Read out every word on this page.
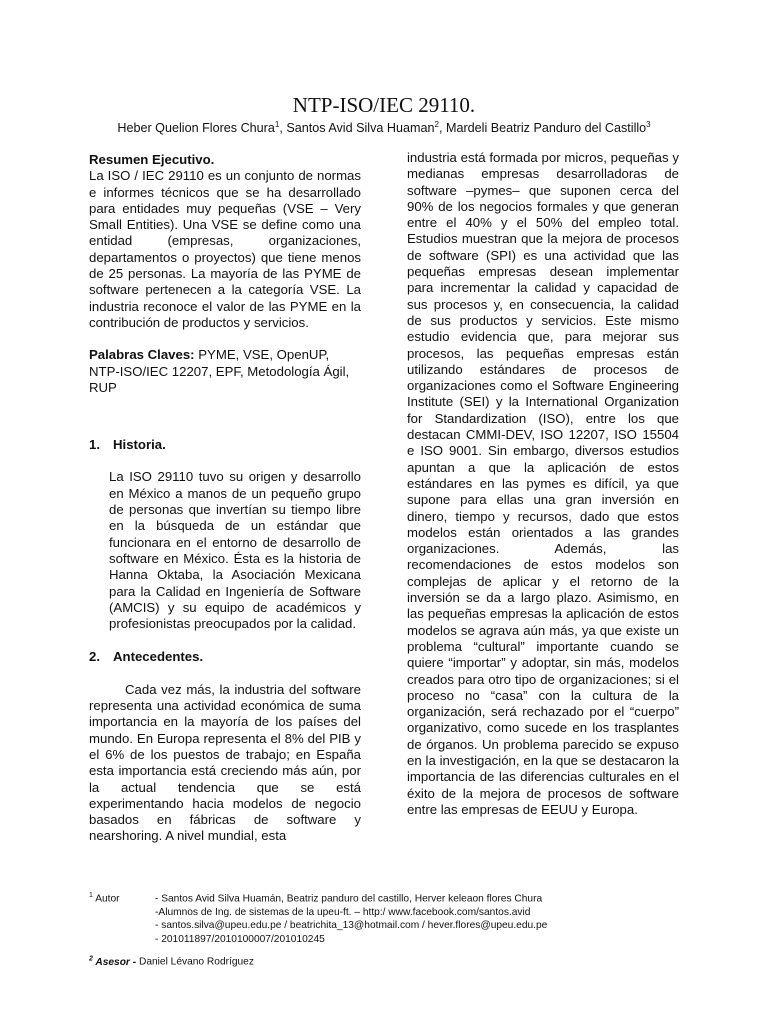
NTP-ISO/IEC 29110.
Heber Quelion Flores Chura$^1$, Santos Avid Silva Huaman$^2$, Mardeli Beatriz Panduro del Castillo$^3$
Resumen Ejecutivo.

La ISO / IEC 29110 es un conjunto de normas e informes técnicos que se ha desarrollado para entidades muy pequeñas (VSE – Very Small Entities). Una VSE se define como una entidad (empresas, organizaciones, departamentos o proyectos) que tiene menos de 25 personas. La mayoría de las PYME de software pertenecen a la categoría VSE. La industria reconoce el valor de las PYME en la contribución de productos y servicios.

Palabras Claves: PYME, VSE, OpenUP, NTP-ISO/IEC 12207, EPF, Metodología Ágil, RUP

1. Historia.

La ISO 29110 tuvo su origen y desarrollo en México a manos de un pequeño grupo de personas que invertían su tiempo libre en la búsqueda de un estándar que funcionara en el entorno de desarrollo de software en México. Ésta es la historia de Hanna Oktaba, la Asociación Mexicana para la Calidad en Ingeniería de Software (AMCIS) y su equipo de académicos y profesionistas preocupados por la calidad.

2. Antecedentes.

Cada vez más, la industria del software representa una actividad económica de suma importancia en la mayoría de los países del mundo. En Europa representa el 8% del PIB y el 6% de los puestos de trabajo; en España esta importancia está creciendo más aún, por la actual tendencia que se está experimentando hacia modelos de negocio basados en fábricas de software y nearshoring. A nivel mundial, esta

industria está formada por micros, pequeñas y medianas empresas desarrolladoras de software –pymes– que suponen cerca del 90% de los negocios formales y que generan entre el 40% y el 50% del empleo total. Estudios muestran que la mejora de procesos de software (SPI) es una actividad que las pequeñas empresas desean implementar para incrementar la calidad y capacidad de sus procesos y, en consecuencia, la calidad de sus productos y servicios. Este mismo estudio evidencia que, para mejorar sus procesos, las pequeñas empresas están utilizando estándares de procesos de organizaciones como el Software Engineering Institute (SEI) y la International Organization for Standardization (ISO), entre los que destacan CMMI-DEV, ISO 12207, ISO 15504 e ISO 9001. Sin embargo, diversos estudios apuntan a que la aplicación de estos estándares en las pymes es difícil, ya que supone para ellas una gran inversión en dinero, tiempo y recursos, dado que estos modelos están orientados a las grandes organizaciones. Además, las recomendaciones de estos modelos son complejas de aplicar y el retorno de la inversión se da a largo plazo. Asimismo, en las pequeñas empresas la aplicación de estos modelos se agrava aún más, ya que existe un problema “cultural” importante cuando se quiere “importar” y adoptar, sin más, modelos creados para otro tipo de organizaciones; si el proceso no “casa” con la cultura de la organización, será rechazado por el “cuerpo” organizativo, como sucede en los trasplantes de órganos. Un problema parecido se expuso en la investigación, en la que se destacaron la importancia de las diferencias culturales en el éxito de la mejora de procesos de software entre las empresas de EEUU y Europa.

$^1$ Autor	- Santos Avid Silva Huamán, Beatriz panduro del castillo, Herver keleaon flores Chura
-Alumnos de Ing. de sistemas de la upeu-ft. – http:/ www.facebook.com/santos.avid
- santos.silva@upeu.edu.pe / beatrichita_13@hotmail.com / hever.flores@upeu.edu.pe
- 201011897/2010100007/201010245
$^2$ Asesor - Daniel Lévano Rodríguez
